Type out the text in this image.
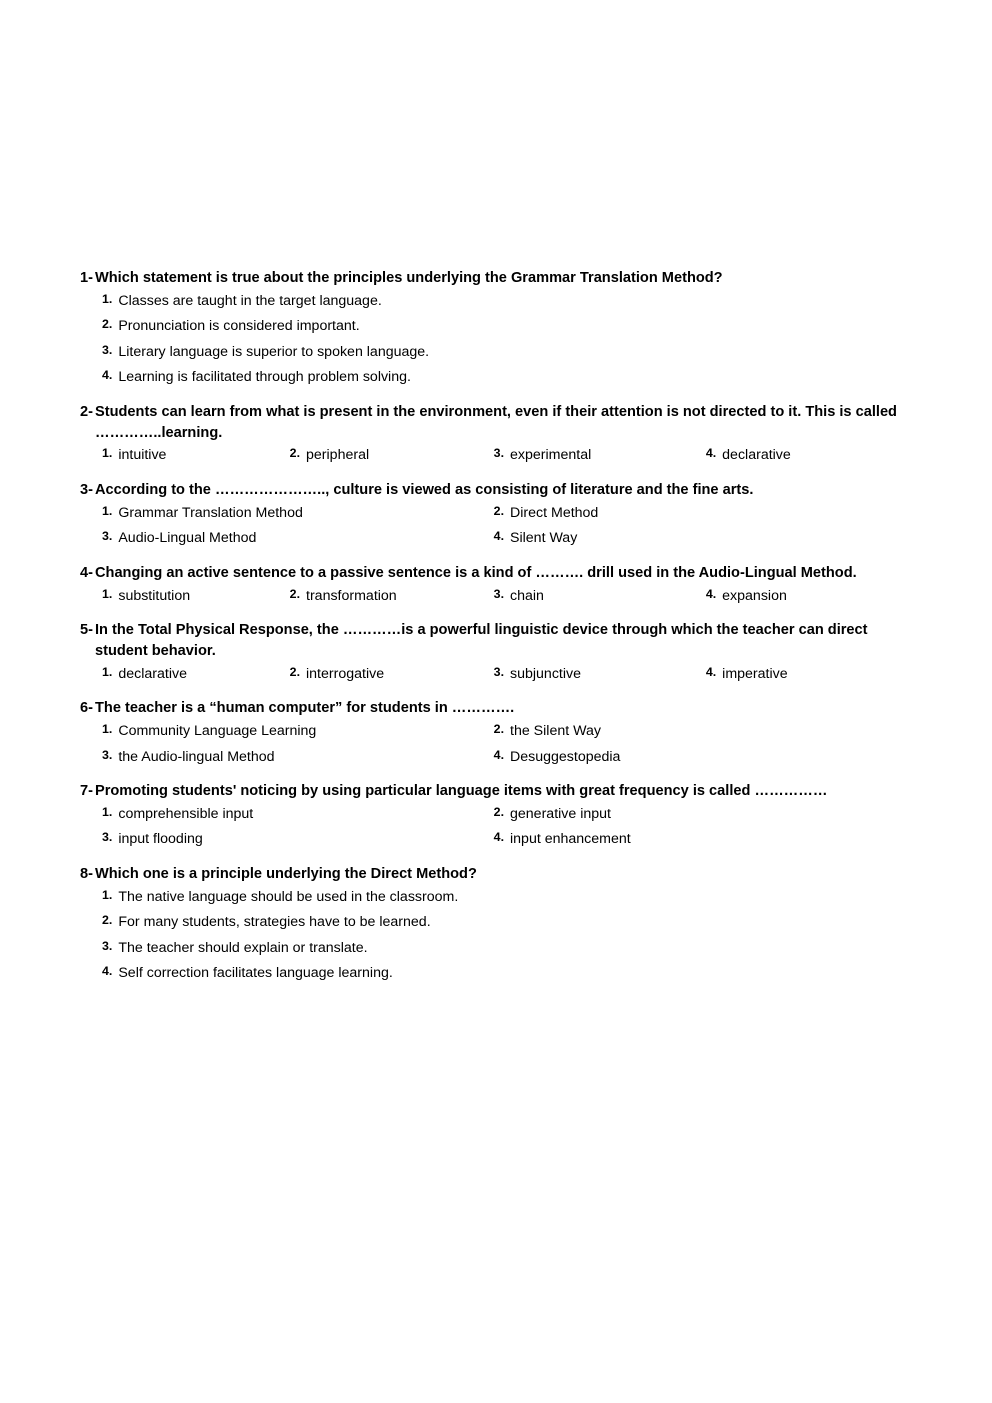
1- Which statement is true about the principles underlying the Grammar Translation Method?
1. Classes are taught in the target language.
2. Pronunciation is considered important.
3. Literary language is superior to spoken language.
4. Learning is facilitated through problem solving.
2- Students can learn from what is present in the environment, even if their attention is not directed to it. This is called …………..learning.
1. intuitive	2. peripheral	3. experimental	4. declarative
3- According to the ………………….., culture is viewed as consisting of literature and the fine arts.
1. Grammar Translation Method	2. Direct Method
3. Audio-Lingual Method	4. Silent Way
4- Changing an active sentence to a passive sentence is a kind of ………. drill used in the Audio-Lingual Method.
1. substitution	2. transformation	3. chain	4. expansion
5- In the Total Physical Response, the …………is a powerful linguistic device through which the teacher can direct student behavior.
1. declarative	2. interrogative	3. subjunctive	4. imperative
6- The teacher is a “human computer” for students in ………….
1. Community Language Learning	2. the Silent Way
3. the Audio-lingual Method	4. Desuggestopedia
7- Promoting students' noticing by using particular language items with great frequency is called ……………
1. comprehensible input	2. generative input
3. input flooding	4. input enhancement
8- Which one is a principle underlying the Direct Method?
1. The native language should be used in the classroom.
2. For many students, strategies have to be learned.
3. The teacher should explain or translate.
4. Self correction facilitates language learning.
